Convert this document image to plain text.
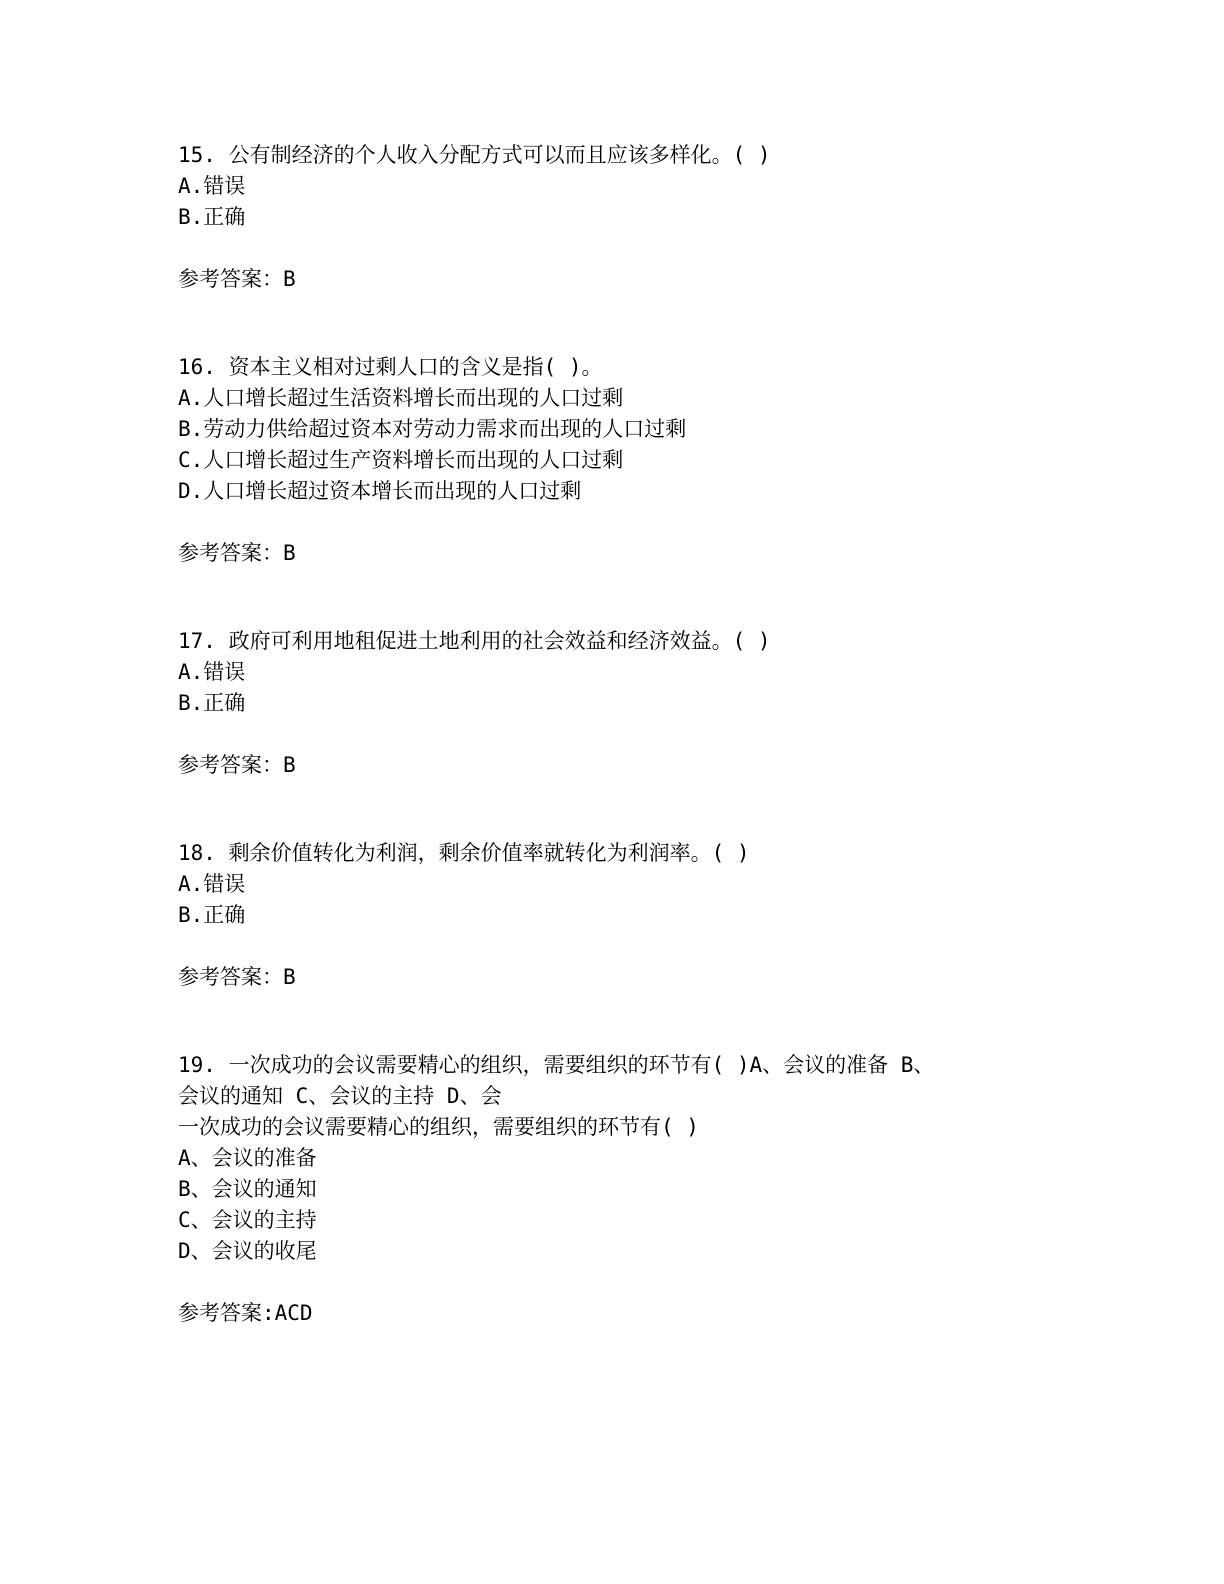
15. 公有制经济的个人收入分配方式可以而且应该多样化。( )
A.错误
B.正确
参考答案：B
16. 资本主义相对过剩人口的含义是指( )。
A.人口增长超过生活资料增长而出现的人口过剩
B.劳动力供给超过资本对劳动力需求而出现的人口过剩
C.人口增长超过生产资料增长而出现的人口过剩
D.人口增长超过资本增长而出现的人口过剩
参考答案：B
17. 政府可利用地租促进土地利用的社会效益和经济效益。( )
A.错误
B.正确
参考答案：B
18. 剩余价值转化为利润，剩余价值率就转化为利润率。( )
A.错误
B.正确
参考答案：B
19. 一次成功的会议需要精心的组织，需要组织的环节有( )A、会议的准备 B、
会议的通知 C、会议的主持 D、会
一次成功的会议需要精心的组织，需要组织的环节有( )
A、会议的准备
B、会议的通知
C、会议的主持
D、会议的收尾
参考答案:ACD
